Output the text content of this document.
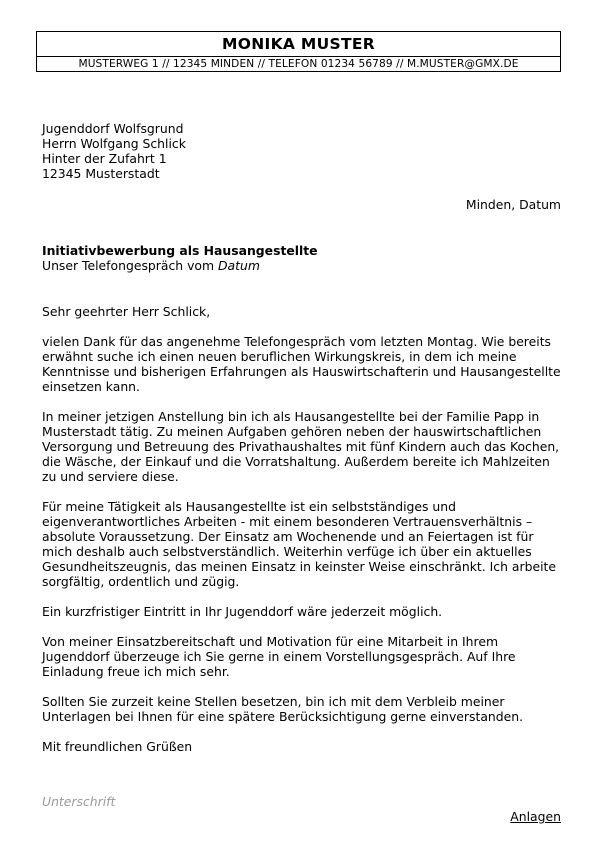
MONIKA MUSTER
MUSTERWEG 1 // 12345 MINDEN // TELEFON 01234 56789 // M.MUSTER@GMX.DE
Jugenddorf Wolfsgrund
Herrn Wolfgang Schlick
Hinter der Zufahrt 1
12345 Musterstadt
Minden, Datum
Initiativbewerbung als Hausangestellte
Unser Telefongespräch vom Datum

Sehr geehrter Herr Schlick,

vielen Dank für das angenehme Telefongespräch vom letzten Montag. Wie bereits erwähnt suche ich einen neuen beruflichen Wirkungskreis, in dem ich meine Kenntnisse und bisherigen Erfahrungen als Hauswirtschafterin und Hausangestellte einsetzen kann.

In meiner jetzigen Anstellung bin ich als Hausangestellte bei der Familie Papp in Musterstadt tätig. Zu meinen Aufgaben gehören neben der hauswirtschaftlichen Versorgung und Betreuung des Privathaushaltes mit fünf Kindern auch das Kochen, die Wäsche, der Einkauf und die Vorratshaltung. Außerdem bereite ich Mahlzeiten zu und serviere diese.

Für meine Tätigkeit als Hausangestellte ist ein selbstständiges und eigenverantwortliches Arbeiten - mit einem besonderen Vertrauensverhältnis – absolute Voraussetzung. Der Einsatz am Wochenende und an Feiertagen ist für mich deshalb auch selbstverständlich. Weiterhin verfüge ich über ein aktuelles Gesundheitszeugnis, das meinen Einsatz in keinster Weise einschränkt. Ich arbeite sorgfältig, ordentlich und zügig.

Ein kurzfristiger Eintritt in Ihr Jugenddorf wäre jederzeit möglich.

Von meiner Einsatzbereitschaft und Motivation für eine Mitarbeit in Ihrem Jugenddorf überzeuge ich Sie gerne in einem Vorstellungsgespräch. Auf Ihre Einladung freue ich mich sehr.

Sollten Sie zurzeit keine Stellen besetzen, bin ich mit dem Verbleib meiner Unterlagen bei Ihnen für eine spätere Berücksichtigung gerne einverstanden.

Mit freundlichen Grüßen

Unterschrift
Anlagen
